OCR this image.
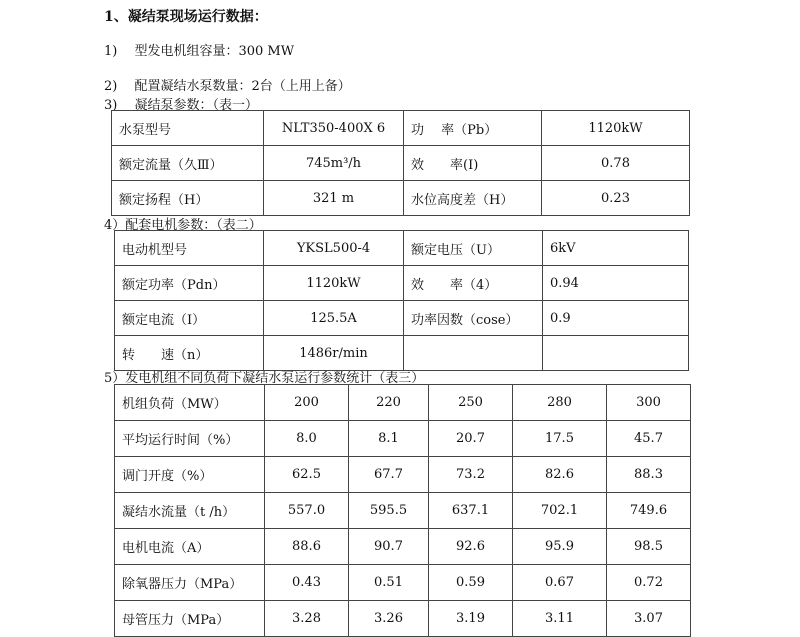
1、凝结泵现场运行数据：
1)　 型发电机组容量：300 MW
2)　 配置凝结水泵数量：2台（上用上备）
3)　 凝结泵参数：（表一）
水泵型号	NLT350-400X 6	功　 率（Pb）	1120kW
额定流量（久Ⅲ）	745m³/h	效　　率(I)	0.78
额定扬程（H）	321 m	水位高度差（H）	0.23
4）配套电机参数：（表二）
电动机型号	YKSL500-4	额定电压（U）	6kV
额定功率（Pdn）	1120kW	效　　率（4）	0.94
额定电流（I）	125.5A	功率因数（cose）	0.9
转　　速（n）	1486r/min		
5）发电机组不同负荷下凝结水泵运行参数统计（表三）
机组负荷（MW）	200	220	250	280	300
平均运行时间（%）	8.0	8.1	20.7	17.5	45.7
调门开度（%）	62.5	67.7	73.2	82.6	88.3
凝结水流量（t /h）	557.0	595.5	637.1	702.1	749.6
电机电流（A）	88.6	90.7	92.6	95.9	98.5
除氧器压力（MPa）	0.43	0.51	0.59	0.67	0.72
母管压力（MPa）	3.28	3.26	3.19	3.11	3.07
